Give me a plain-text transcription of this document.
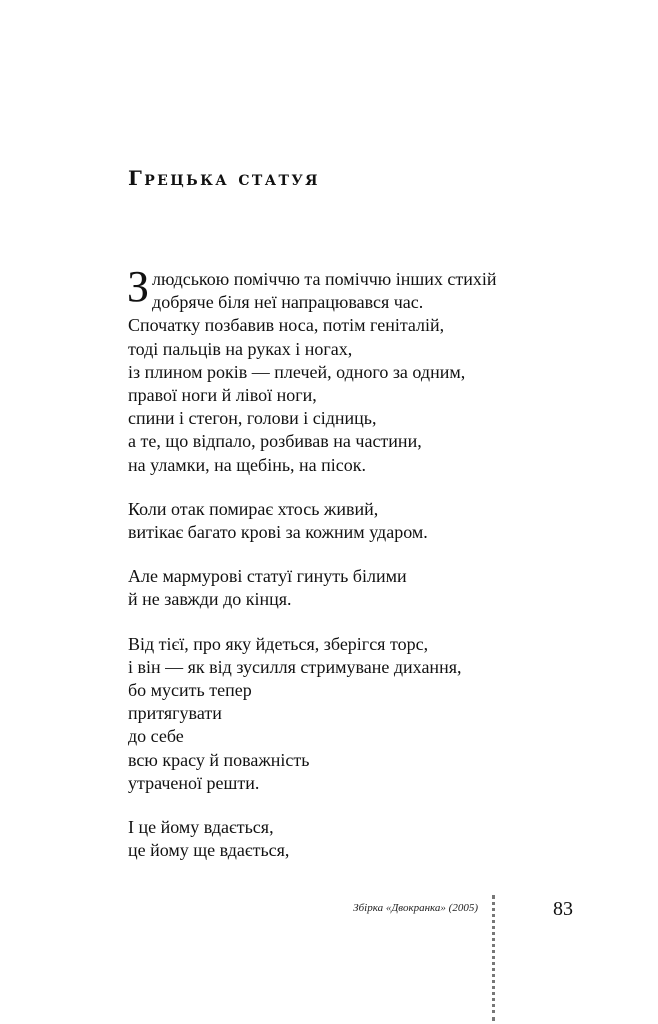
Грецька статуя
З людською поміччю та поміччю інших стихій
добряче біля неї напрацювався час.
Спочатку позбавив носа, потім геніталій,
тоді пальців на руках і ногах,
із плином років — плечей, одного за одним,
правої ноги й лівої ноги,
спини і стегон, голови і сідниць,
а те, що відпало, розбивав на частини,
на уламки, на щебінь, на пісок.
Коли отак помирає хтось живий,
витікає багато крові за кожним ударом.
Але мармурові статуї гинуть білими
й не завжди до кінця.
Від тієї, про яку йдеться, зберігся торс,
і він — як від зусилля стримуване дихання,
бо мусить тепер
притягувати
до себе
всю красу й поважність
утраченої решти.
І це йому вдається,
це йому ще вдається,
Збірка «Двокранка» (2005)	83
